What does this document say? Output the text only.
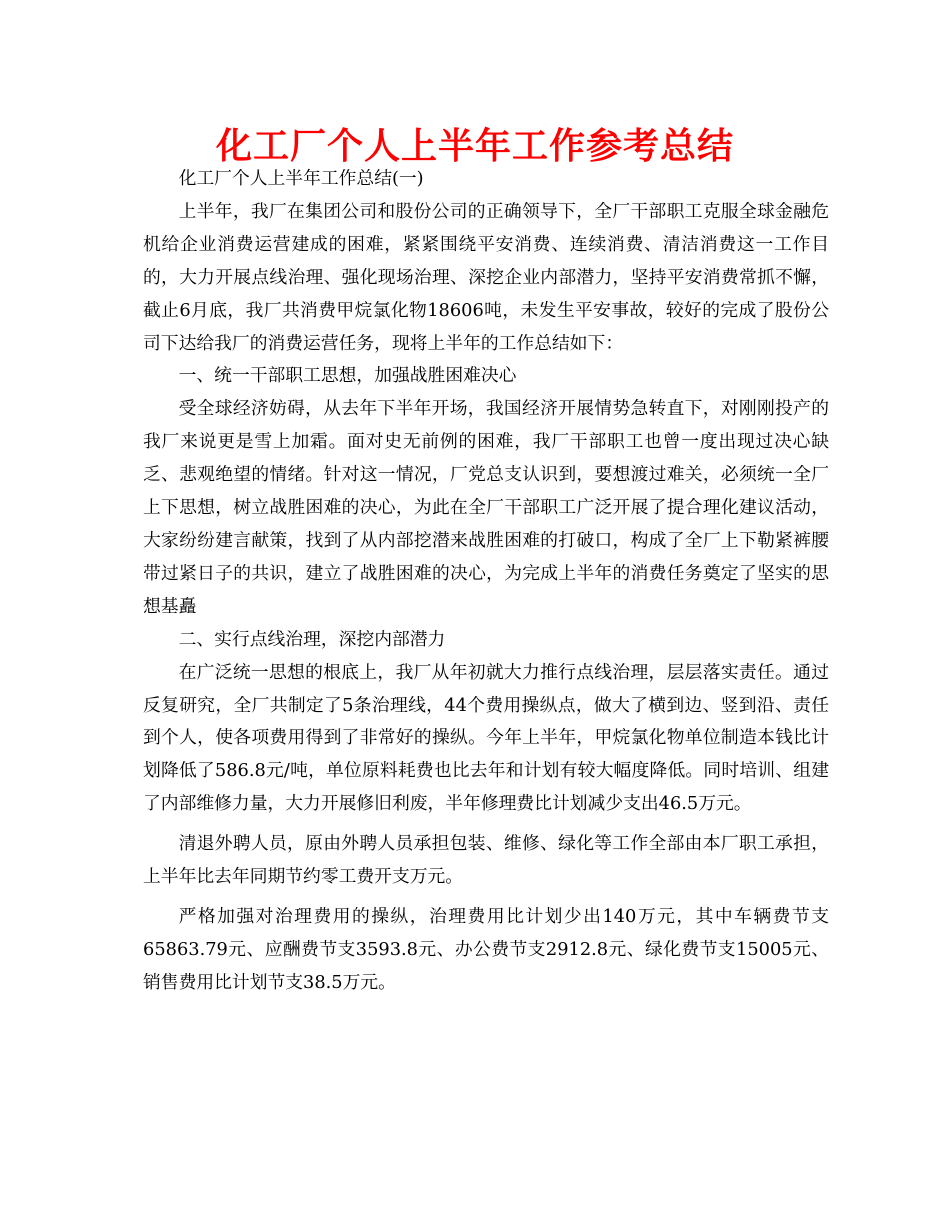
化工厂个人上半年工作参考总结

化工厂个人上半年工作总结(一)

上半年，我厂在集团公司和股份公司的正确领导下，全厂干部职工克服全球金融危机给企业消费运营建成的困难，紧紧围绕平安消费、连续消费、清洁消费这一工作目的，大力开展点线治理、强化现场治理、深挖企业内部潜力，坚持平安消费常抓不懈，截止6月底，我厂共消费甲烷氯化物18606吨，未发生平安事故，较好的完成了股份公司下达给我厂的消费运营任务，现将上半年的工作总结如下：

一、统一干部职工思想，加强战胜困难决心

受全球经济妨碍，从去年下半年开场，我国经济开展情势急转直下，对刚刚投产的我厂来说更是雪上加霜。面对史无前例的困难，我厂干部职工也曾一度出现过决心缺乏、悲观绝望的情绪。针对这一情况，厂党总支认识到，要想渡过难关，必须统一全厂上下思想，树立战胜困难的决心，为此在全厂干部职工广泛开展了提合理化建议活动，大家纷纷建言献策，找到了从内部挖潜来战胜困难的打破口，构成了全厂上下勒紧裤腰带过紧日子的共识，建立了战胜困难的决心，为完成上半年的消费任务奠定了坚实的思想基矗

二、实行点线治理，深挖内部潜力

在广泛统一思想的根底上，我厂从年初就大力推行点线治理，层层落实责任。通过反复研究，全厂共制定了5条治理线，44个费用操纵点，做大了横到边、竖到沿、责任到个人，使各项费用得到了非常好的操纵。今年上半年，甲烷氯化物单位制造本钱比计划降低了586.8元/吨，单位原料耗费也比去年和计划有较大幅度降低。同时培训、组建了内部维修力量，大力开展修旧利废，半年修理费比计划减少支出46.5万元。

清退外聘人员，原由外聘人员承担包装、维修、绿化等工作全部由本厂职工承担，上半年比去年同期节约零工费开支万元。

严格加强对治理费用的操纵，治理费用比计划少出140万元，其中车辆费节支65863.79元、应酬费节支3593.8元、办公费节支2912.8元、绿化费节支15005元、销售费用比计划节支38.5万元。
